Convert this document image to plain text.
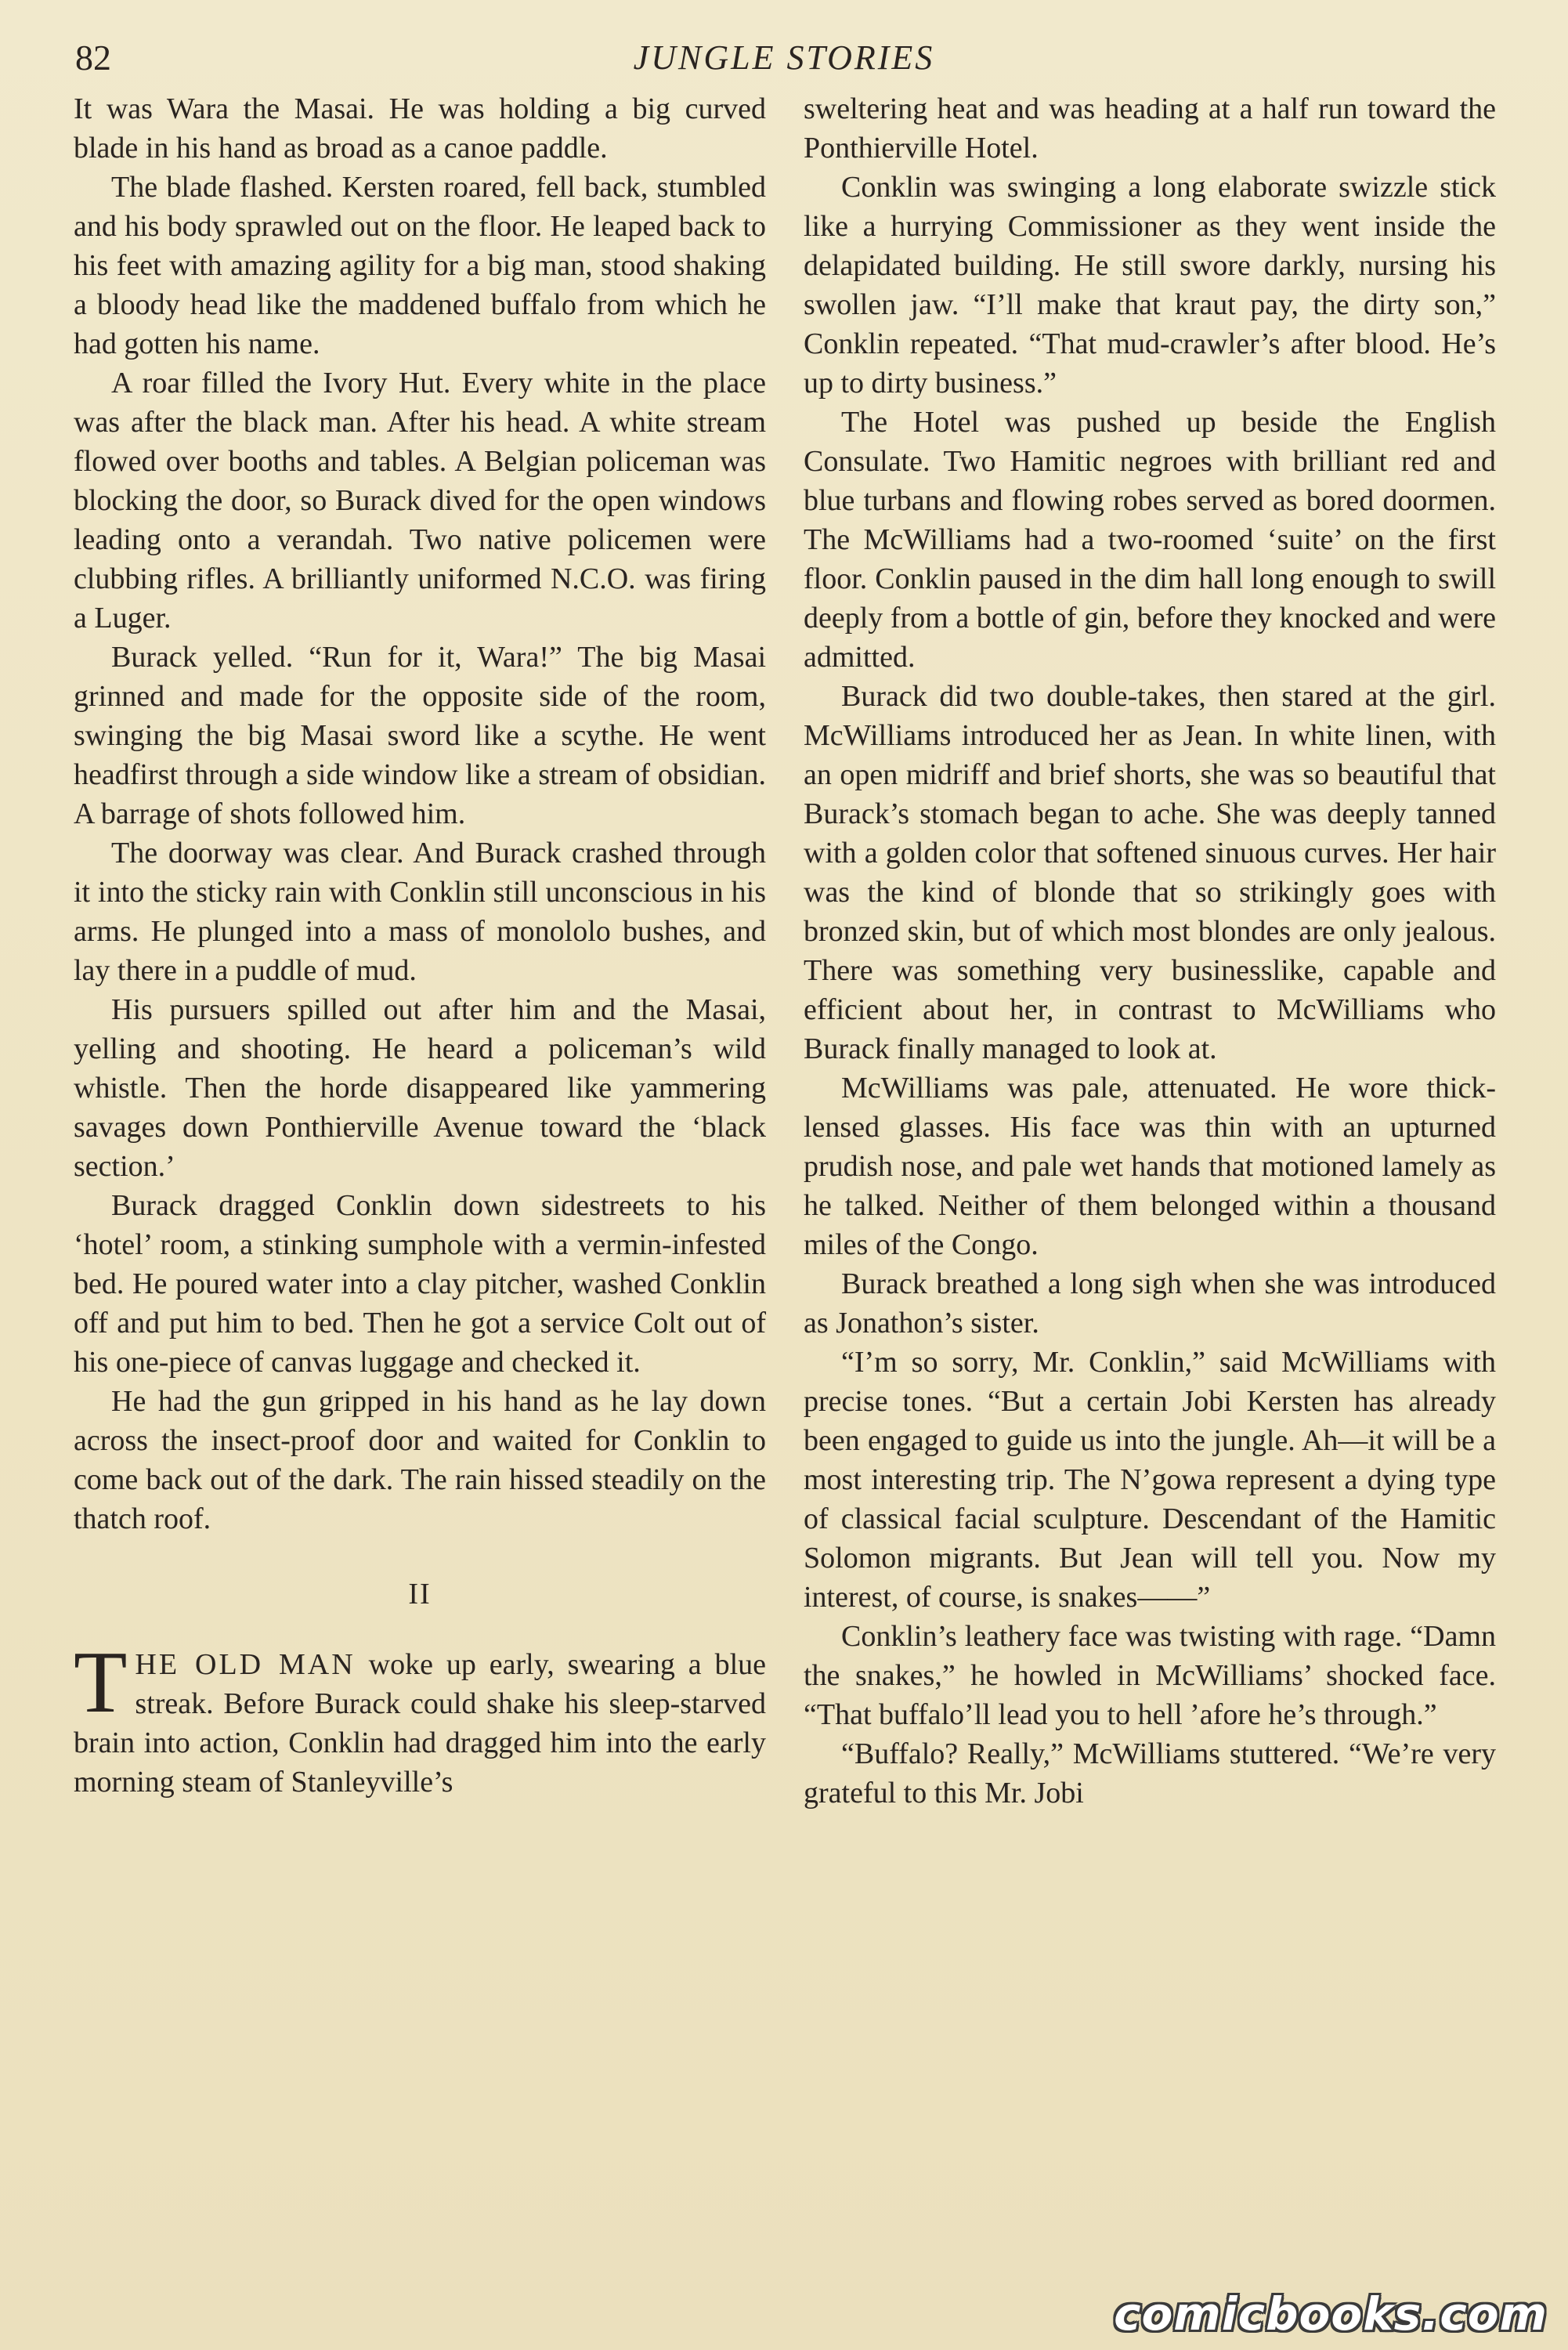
82	JUNGLE STORIES

It was Wara the Masai. He was holding a big curved blade in his hand as broad as a canoe paddle.

The blade flashed. Kersten roared, fell back, stumbled and his body sprawled out on the floor. He leaped back to his feet with amazing agility for a big man, stood shaking a bloody head like the maddened buffalo from which he had gotten his name.

A roar filled the Ivory Hut. Every white in the place was after the black man. After his head. A white stream flowed over booths and tables. A Belgian policeman was blocking the door, so Burack dived for the open windows leading onto a verandah. Two native policemen were clubbing rifles. A brilliantly uniformed N.C.O. was firing a Luger.

Burack yelled. “Run for it, Wara!” The big Masai grinned and made for the opposite side of the room, swinging the big Masai sword like a scythe. He went headfirst through a side window like a stream of obsidian. A barrage of shots followed him.

The doorway was clear. And Burack crashed through it into the sticky rain with Conklin still unconscious in his arms. He plunged into a mass of monololo bushes, and lay there in a puddle of mud.

His pursuers spilled out after him and the Masai, yelling and shooting. He heard a policeman’s wild whistle. Then the horde disappeared like yammering savages down Ponthierville Avenue toward the ‘black section.’

Burack dragged Conklin down sidestreets to his ‘hotel’ room, a stinking sumphole with a vermin-infested bed. He poured water into a clay pitcher, washed Conklin off and put him to bed. Then he got a service Colt out of his one-piece of canvas luggage and checked it.

He had the gun gripped in his hand as he lay down across the insect-proof door and waited for Conklin to come back out of the dark. The rain hissed steadily on the thatch roof.

II

THE OLD MAN woke up early, swearing a blue streak. Before Burack could shake his sleep-starved brain into action, Conklin had dragged him into the early morning steam of Stanleyville’s

sweltering heat and was heading at a half run toward the Ponthierville Hotel.

Conklin was swinging a long elaborate swizzle stick like a hurrying Commissioner as they went inside the delapidated building. He still swore darkly, nursing his swollen jaw. “I’ll make that kraut pay, the dirty son,” Conklin repeated. “That mud-crawler’s after blood. He’s up to dirty business.”

The Hotel was pushed up beside the English Consulate. Two Hamitic negroes with brilliant red and blue turbans and flowing robes served as bored doormen. The McWilliams had a two-roomed ‘suite’ on the first floor. Conklin paused in the dim hall long enough to swill deeply from a bottle of gin, before they knocked and were admitted.

Burack did two double-takes, then stared at the girl. McWilliams introduced her as Jean. In white linen, with an open midriff and brief shorts, she was so beautiful that Burack’s stomach began to ache. She was deeply tanned with a golden color that softened sinuous curves. Her hair was the kind of blonde that so strikingly goes with bronzed skin, but of which most blondes are only jealous. There was something very businesslike, capable and efficient about her, in contrast to McWilliams who Burack finally managed to look at.

McWilliams was pale, attenuated. He wore thick-lensed glasses. His face was thin with an upturned prudish nose, and pale wet hands that motioned lamely as he talked. Neither of them belonged within a thousand miles of the Congo.

Burack breathed a long sigh when she was introduced as Jonathon’s sister.

“I’m so sorry, Mr. Conklin,” said McWilliams with precise tones. “But a certain Jobi Kersten has already been engaged to guide us into the jungle. Ah—it will be a most interesting trip. The N’gowa represent a dying type of classical facial sculpture. Descendant of the Hamitic Solomon migrants. But Jean will tell you. Now my interest, of course, is snakes——”

Conklin’s leathery face was twisting with rage. “Damn the snakes,” he howled in McWilliams’ shocked face. “That buffalo’ll lead you to hell ’afore he’s through.”

“Buffalo? Really,” McWilliams stuttered. “We’re very grateful to this Mr. Jobi

comicbooks.com
